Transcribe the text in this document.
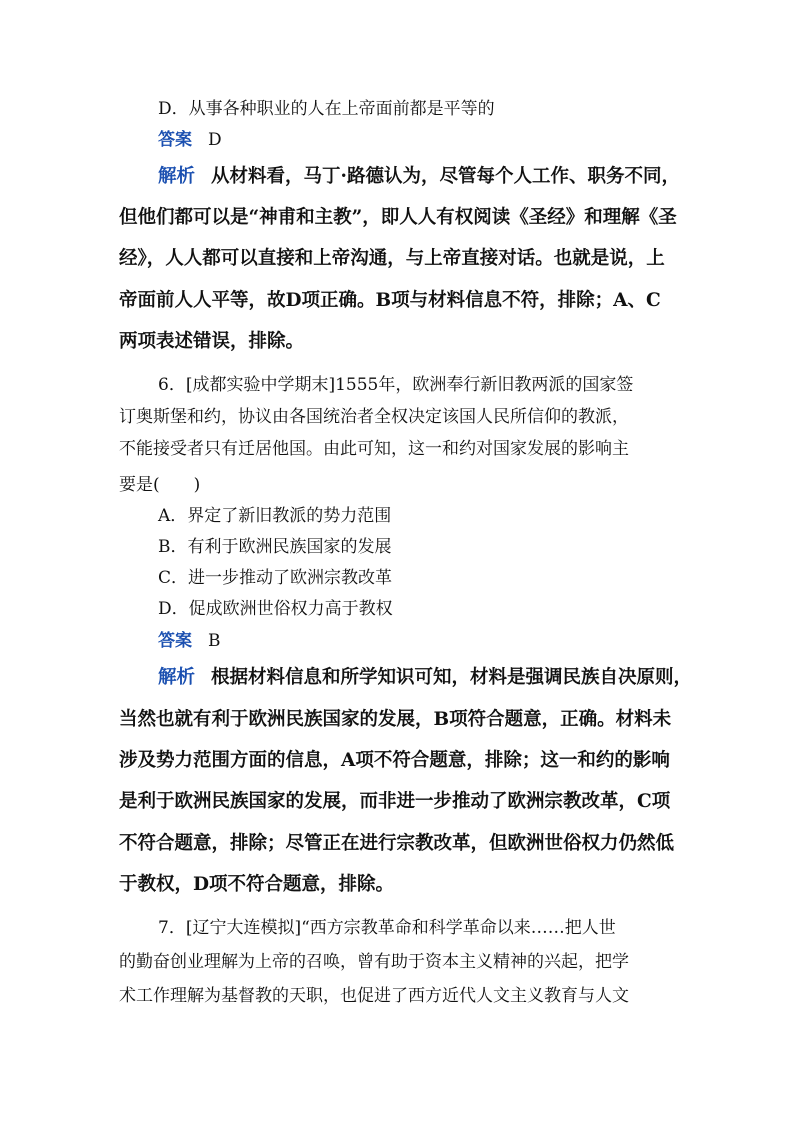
D．从事各种职业的人在上帝面前都是平等的
答案 D
解析 从材料看，马丁·路德认为，尽管每个人工作、职务不同，
但他们都可以是“神甫和主教”，即人人有权阅读《圣经》和理解《圣
经》，人人都可以直接和上帝沟通，与上帝直接对话。也就是说，上
帝面前人人平等，故D项正确。B项与材料信息不符，排除；A、C
两项表述错误，排除。
6．[成都实验中学期末]1555年，欧洲奉行新旧教两派的国家签
订奥斯堡和约，协议由各国统治者全权决定该国人民所信仰的教派，
不能接受者只有迁居他国。由此可知，这一和约对国家发展的影响主
要是(　　)
A．界定了新旧教派的势力范围
B．有利于欧洲民族国家的发展
C．进一步推动了欧洲宗教改革
D．促成欧洲世俗权力高于教权
答案 B
解析 根据材料信息和所学知识可知，材料是强调民族自决原则，
当然也就有利于欧洲民族国家的发展，B项符合题意，正确。材料未
涉及势力范围方面的信息，A项不符合题意，排除；这一和约的影响
是利于欧洲民族国家的发展，而非进一步推动了欧洲宗教改革，C项
不符合题意，排除；尽管正在进行宗教改革，但欧洲世俗权力仍然低
于教权，D项不符合题意，排除。
7．[辽宁大连模拟]“西方宗教革命和科学革命以来……把人世
的勤奋创业理解为上帝的召唤，曾有助于资本主义精神的兴起，把学
术工作理解为基督教的天职，也促进了西方近代人文主义教育与人文
